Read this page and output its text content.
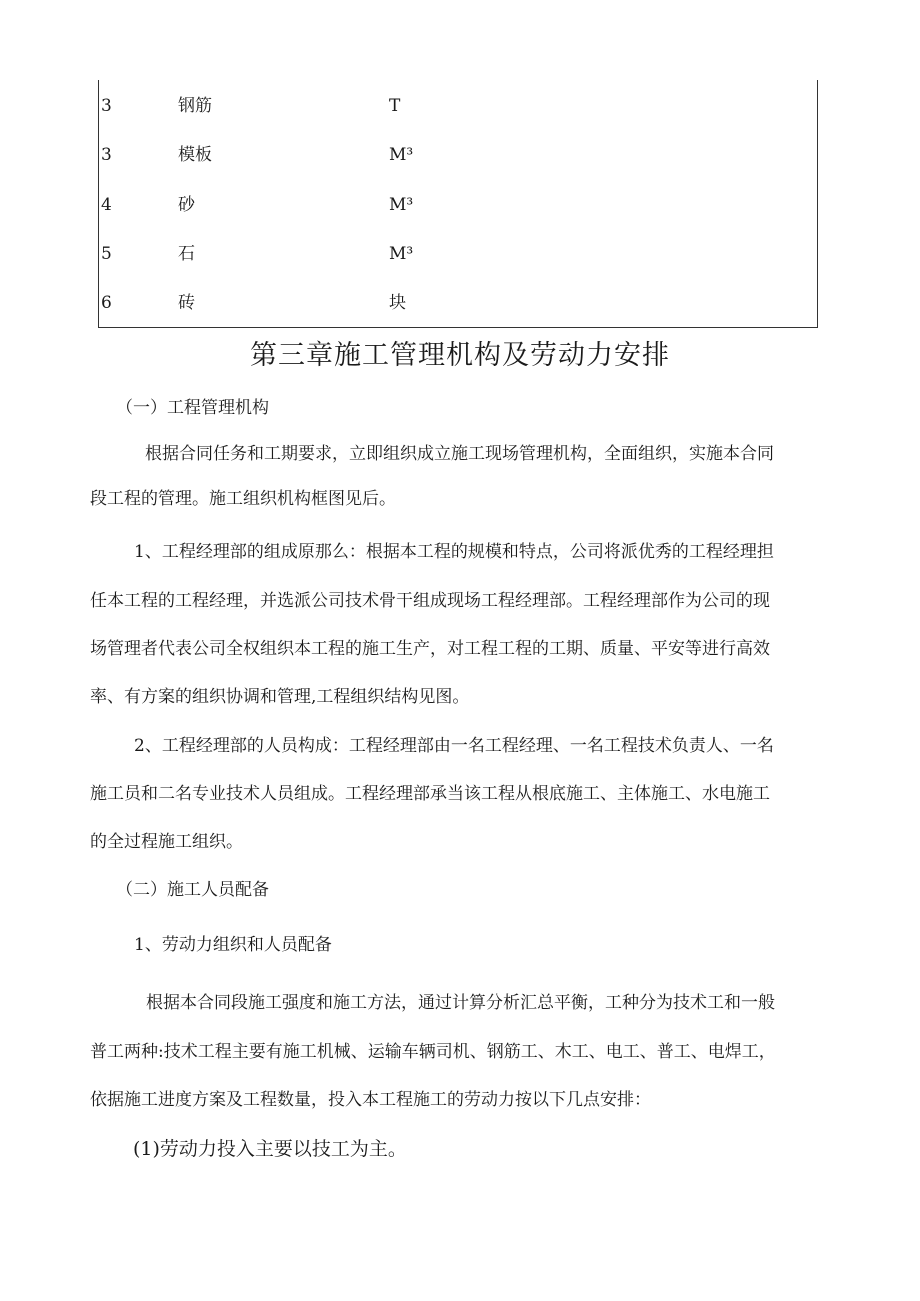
3	钢筋	T
3	模板	M³
4	砂	M³
5	石	M³
6	砖	块
第三章施工管理机构及劳动力安排
（一）工程管理机构
根据合同任务和工期要求，立即组织成立施工现场管理机构，全面组织，实施本合同
段工程的管理。施工组织机构框图见后。
1、工程经理部的组成原那么：根据本工程的规模和特点，公司将派优秀的工程经理担
任本工程的工程经理，并选派公司技术骨干组成现场工程经理部。工程经理部作为公司的现
场管理者代表公司全权组织本工程的施工生产，对工程工程的工期、质量、平安等进行高效
率、有方案的组织协调和管理,工程组织结构见图。
2、工程经理部的人员构成：工程经理部由一名工程经理、一名工程技术负责人、一名
施工员和二名专业技术人员组成。工程经理部承当该工程从根底施工、主体施工、水电施工
的全过程施工组织。
（二）施工人员配备
1、劳动力组织和人员配备
根据本合同段施工强度和施工方法，通过计算分析汇总平衡，工种分为技术工和一般
普工两种:技术工程主要有施工机械、运输车辆司机、钢筋工、木工、电工、普工、电焊工，
依据施工进度方案及工程数量，投入本工程施工的劳动力按以下几点安排：
(1)劳动力投入主要以技工为主。
